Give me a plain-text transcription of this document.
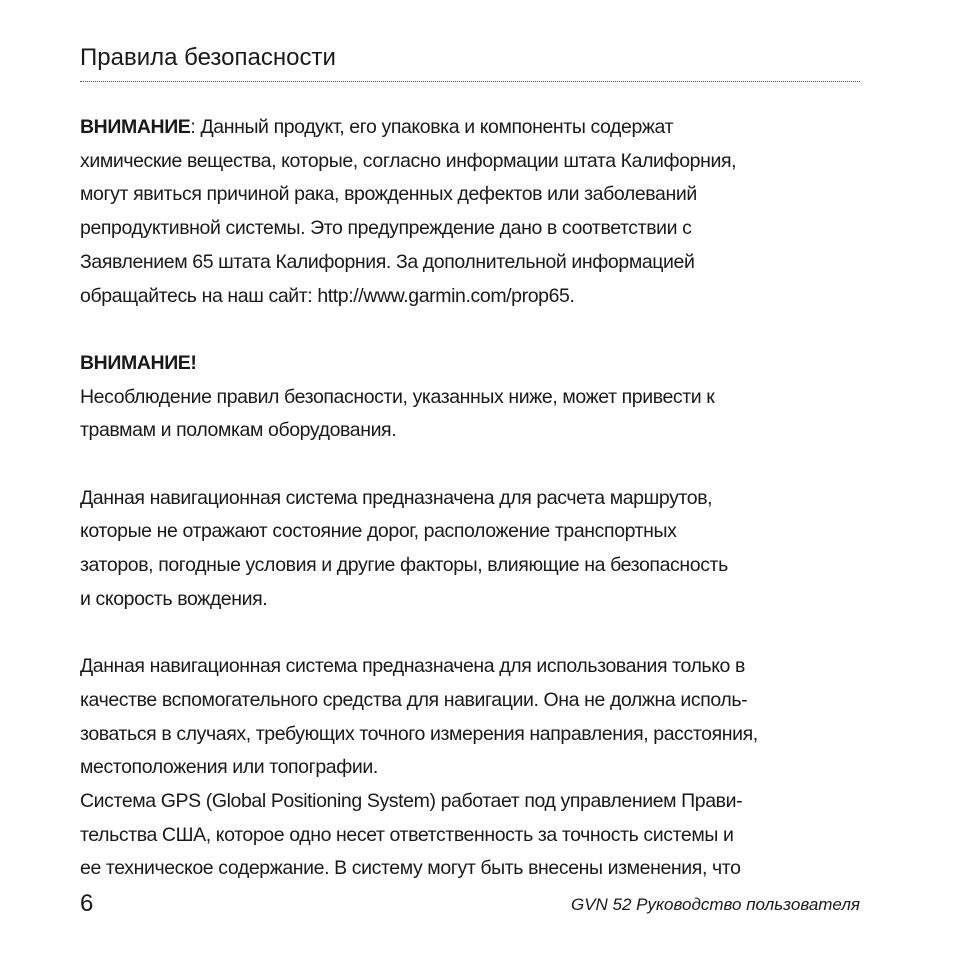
Правила безопасности

ВНИМАНИЕ: Данный продукт, его упаковка и компоненты содержат
химические вещества, которые, согласно информации штата Калифорния,
могут явиться причиной рака, врожденных дефектов или заболеваний
репродуктивной системы. Это предупреждение дано в соответствии с
Заявлением 65 штата Калифорния. За дополнительной информацией
обращайтесь на наш сайт: http://www.garmin.com/prop65.

ВНИМАНИЕ!
Несоблюдение правил безопасности, указанных ниже, может привести к
травмам и поломкам оборудования.

Данная навигационная система предназначена для расчета маршрутов,
которые не отражают состояние дорог, расположение транспортных
заторов, погодные условия и другие факторы, влияющие на безопасность
и скорость вождения.

Данная навигационная система предназначена для использования только в
качестве вспомогательного средства для навигации. Она не должна исполь-
зоваться в случаях, требующих точного измерения направления, расстояния,
местоположения или топографии.

Система GPS (Global Positioning System) работает под управлением Прави-
тельства США, которое одно несет ответственность за точность системы и
ее техническое содержание. В систему могут быть внесены изменения, что

6	GVN 52 Руководство пользователя
